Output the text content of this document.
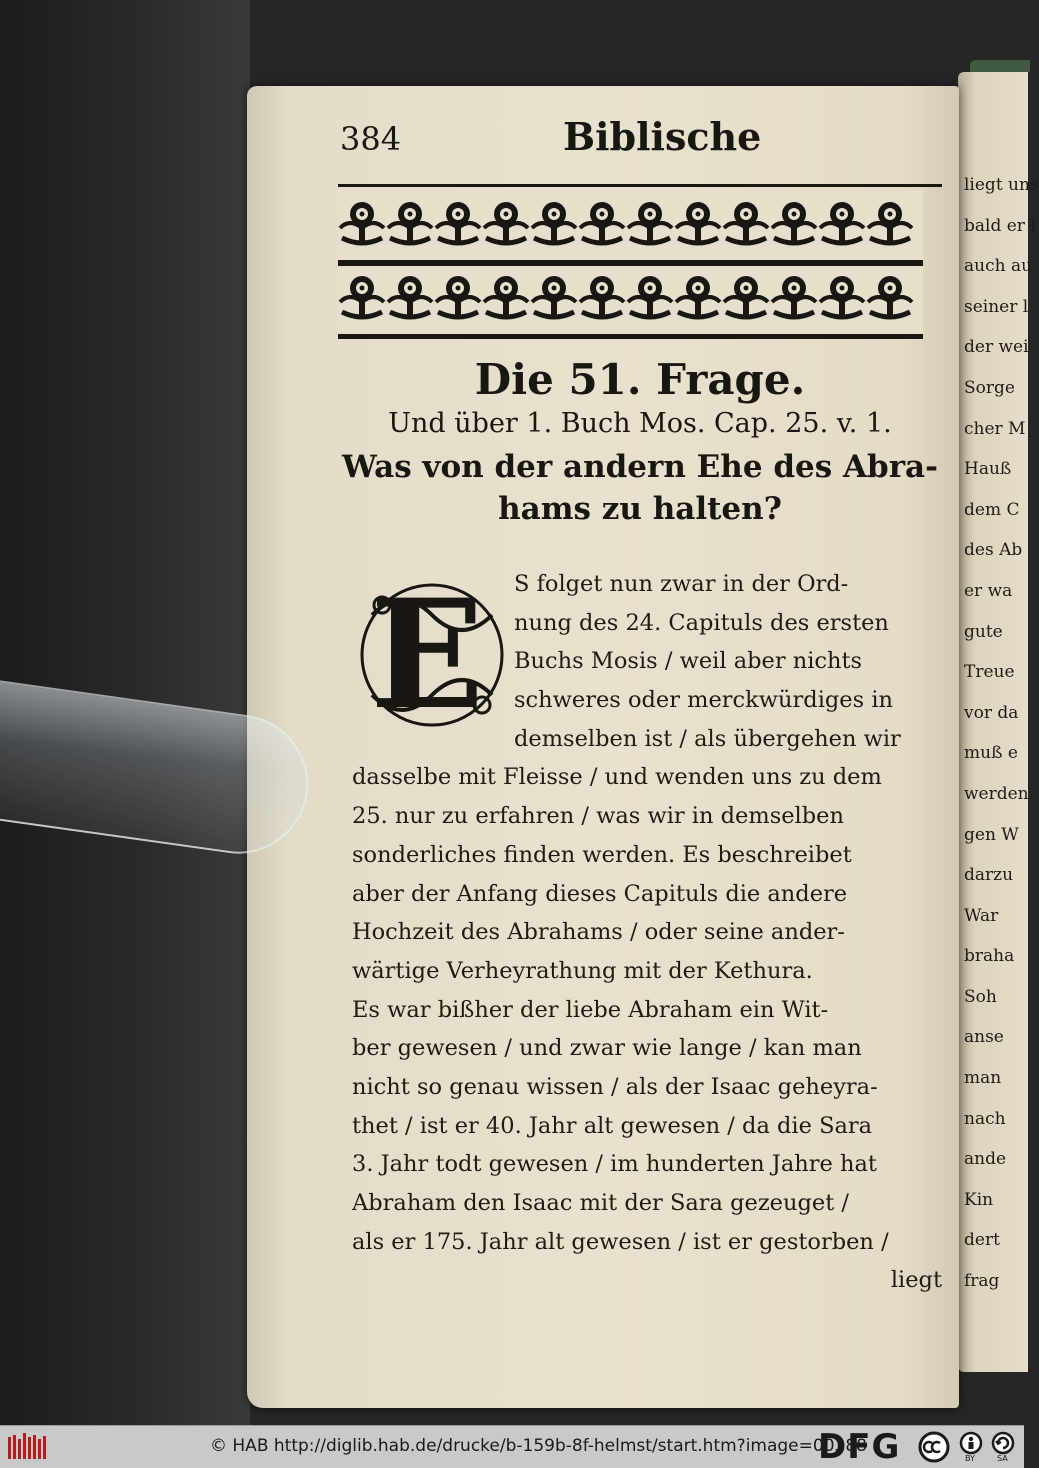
liegt uns
bald er l
auch au
seiner l
der wei
Sorge
cher M
Hauß
dem C
des Ab
er wa
gute
Treue
vor da
muß e
werden
gen W
darzu
War
braha
Soh
anse
man
nach
ande
Kin
dert
frag
384	Biblische

Die 51. Frage.

Und über 1. Buch Mos. Cap. 25. v. 1.

Was von der andern Ehe des Abra-
hams zu halten?

E	S folget nun zwar in der Ord-
nung des 24. Capituls des ersten
Buchs Mosis / weil aber nichts
schweres oder merckwürdiges in
demselben ist / als übergehen wir
dasselbe mit Fleisse / und wenden uns zu dem
25. nur zu erfahren / was wir in demselben
sonderliches finden werden. Es beschreibet
aber der Anfang dieses Capituls die andere
Hochzeit des Abrahams / oder seine ander-
wärtige Verheyrathung mit der Kethura.
Es war bißher der liebe Abraham ein Wit-
ber gewesen / und zwar wie lange / kan man
nicht so genau wissen / als der Isaac geheyra-
thet / ist er 40. Jahr alt gewesen / da die Sara
3. Jahr todt gewesen / im hunderten Jahre hat
Abraham den Isaac mit der Sara gezeuget /
als er 175. Jahr alt gewesen / ist er gestorben /
liegt
© HAB http://diglib.hab.de/drucke/b-159b-8f-helmst/start.htm?image=00388
DFG	BY	SA
